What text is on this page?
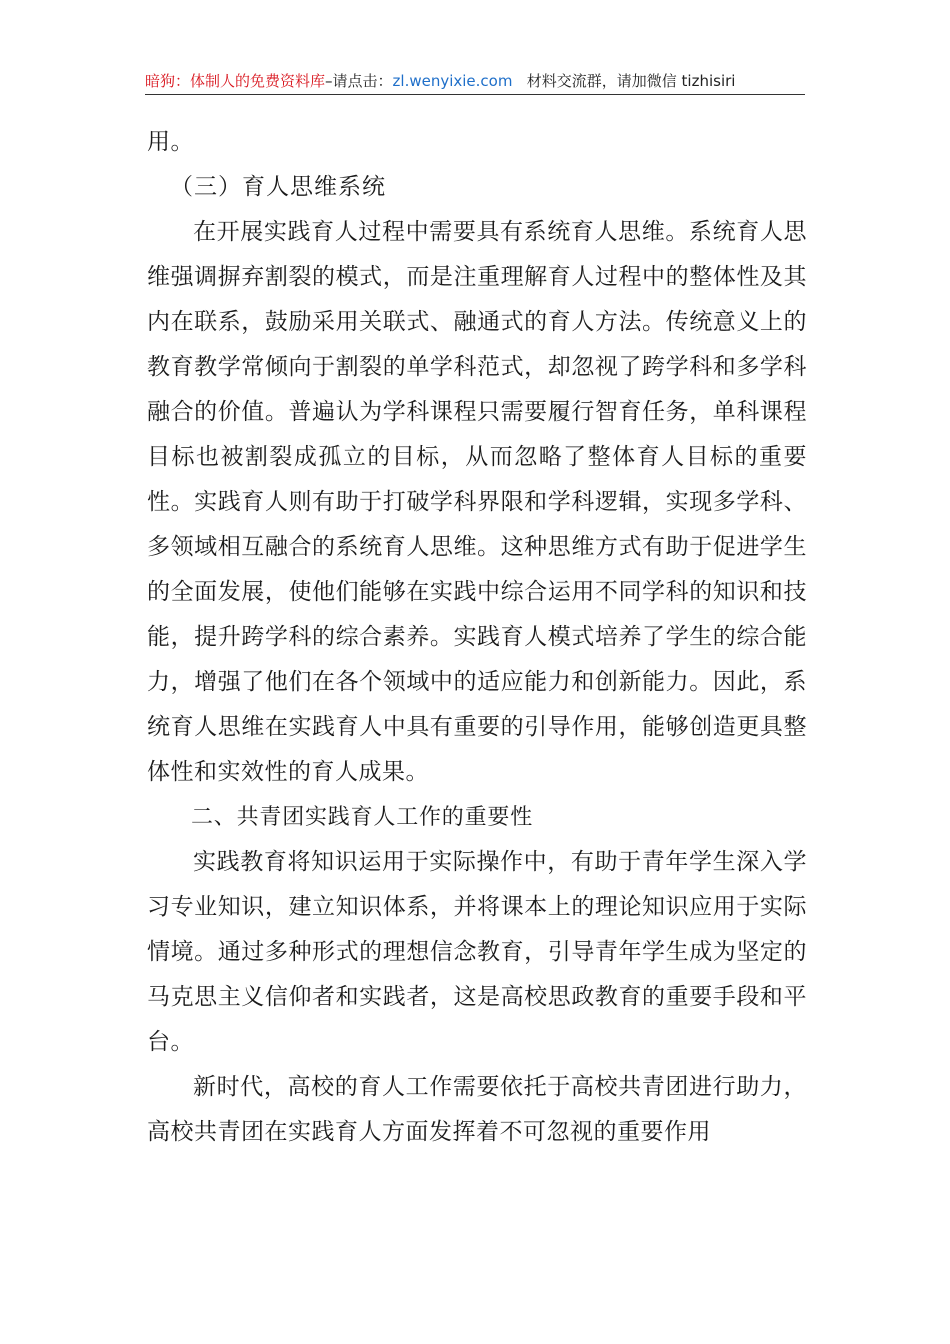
暗狗：体制人的免费资料库–请点击：zl.wenyixie.com 材料交流群，请加微信 tizhisiri

用。

（三）育人思维系统

在开展实践育人过程中需要具有系统育人思维。系统育人思维强调摒弃割裂的模式，而是注重理解育人过程中的整体性及其内在联系，鼓励采用关联式、融通式的育人方法。传统意义上的教育教学常倾向于割裂的单学科范式，却忽视了跨学科和多学科融合的价值。普遍认为学科课程只需要履行智育任务，单科课程目标也被割裂成孤立的目标，从而忽略了整体育人目标的重要性。实践育人则有助于打破学科界限和学科逻辑，实现多学科、多领域相互融合的系统育人思维。这种思维方式有助于促进学生的全面发展，使他们能够在实践中综合运用不同学科的知识和技能，提升跨学科的综合素养。实践育人模式培养了学生的综合能力，增强了他们在各个领域中的适应能力和创新能力。因此，系统育人思维在实践育人中具有重要的引导作用，能够创造更具整体性和实效性的育人成果。

二、共青团实践育人工作的重要性

实践教育将知识运用于实际操作中，有助于青年学生深入学习专业知识，建立知识体系，并将课本上的理论知识应用于实际情境。通过多种形式的理想信念教育，引导青年学生成为坚定的马克思主义信仰者和实践者，这是高校思政教育的重要手段和平台。

新时代，高校的育人工作需要依托于高校共青团进行助力，高校共青团在实践育人方面发挥着不可忽视的重要作用
